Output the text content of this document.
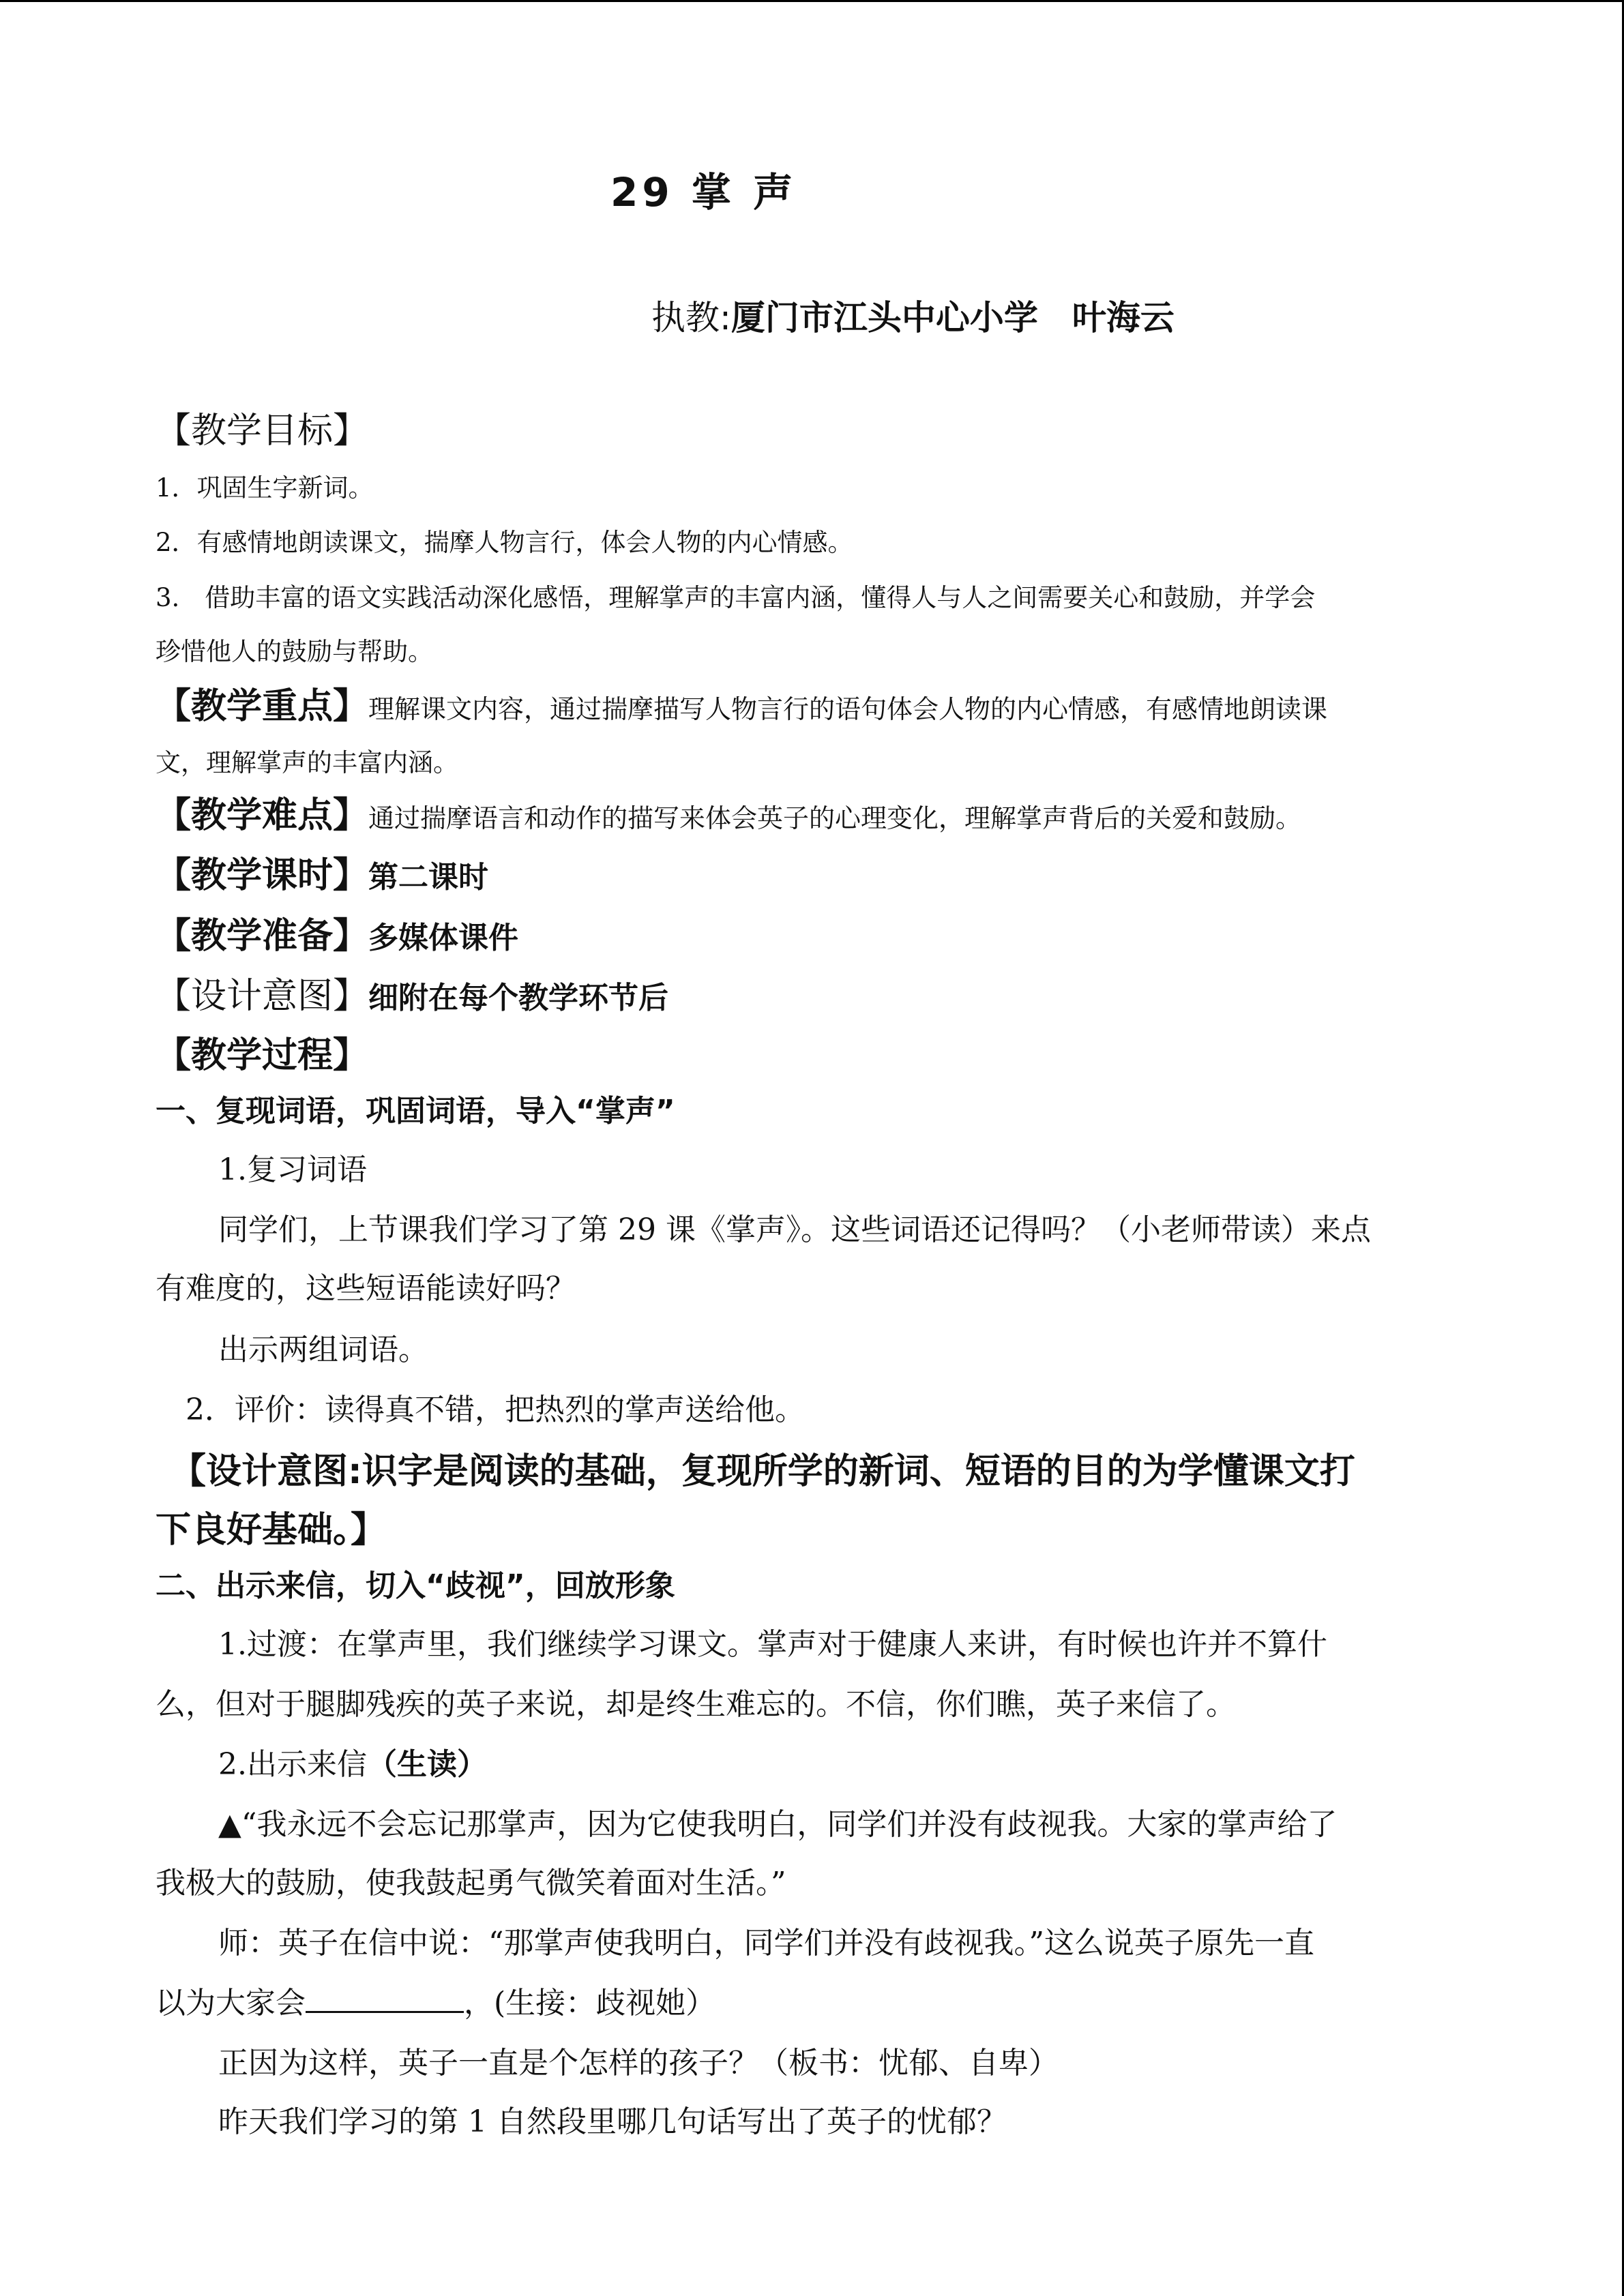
29 掌 声
执教:厦门市江头中心小学　叶海云
【教学目标】
1．巩固生字新词。
2．有感情地朗读课文，揣摩人物言行，体会人物的内心情感。
3.　借助丰富的语文实践活动深化感悟，理解掌声的丰富内涵，懂得人与人之间需要关心和鼓励，并学会
珍惜他人的鼓励与帮助。
【教学重点】理解课文内容，通过揣摩描写人物言行的语句体会人物的内心情感，有感情地朗读课
文，理解掌声的丰富内涵。
【教学难点】通过揣摩语言和动作的描写来体会英子的心理变化，理解掌声背后的关爱和鼓励。
【教学课时】第二课时
【教学准备】多媒体课件
【设计意图】细附在每个教学环节后
【教学过程】
一、复现词语，巩固词语，导入“掌声”
1.复习词语
同学们，上节课我们学习了第 29 课《掌声》。这些词语还记得吗？（小老师带读）来点
有难度的，这些短语能读好吗？
出示两组词语。
2．评价：读得真不错，把热烈的掌声送给他。
【设计意图:识字是阅读的基础，复现所学的新词、短语的目的为学懂课文打
下良好基础。】
二、出示来信，切入“歧视”，回放形象
1.过渡：在掌声里，我们继续学习课文。掌声对于健康人来讲，有时候也许并不算什
么，但对于腿脚残疾的英子来说，却是终生难忘的。不信，你们瞧，英子来信了。
2.出示来信（生读）
▲“我永远不会忘记那掌声，因为它使我明白，同学们并没有歧视我。大家的掌声给了
我极大的鼓励，使我鼓起勇气微笑着面对生活。”
师：英子在信中说：“那掌声使我明白，同学们并没有歧视我。”这么说英子原先一直
以为大家会	，(生接：歧视她）
正因为这样，英子一直是个怎样的孩子？（板书：忧郁、自卑）
昨天我们学习的第 1 自然段里哪几句话写出了英子的忧郁？
